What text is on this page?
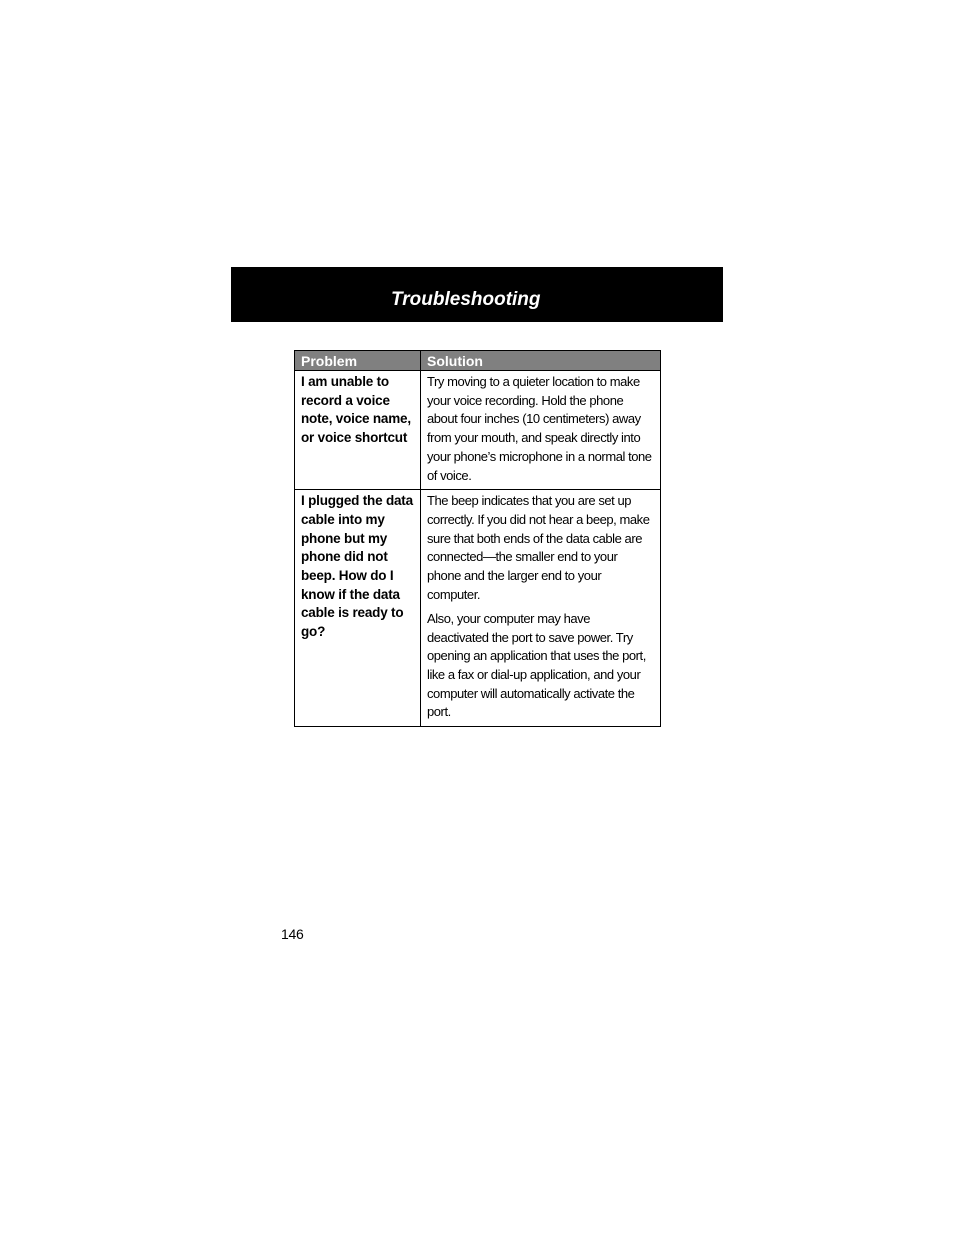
Troubleshooting
Problem	Solution
I am unable to record a voice note, voice name, or voice shortcut	Try moving to a quieter location to make your voice recording. Hold the phone about four inches (10 centimeters) away from your mouth, and speak directly into your phone’s microphone in a normal tone of voice.

I plugged the data cable into my phone but my phone did not beep. How do I know if the data cable is ready to go?	The beep indicates that you are set up correctly. If you did not hear a beep, make sure that both ends of the data cable are connected—the smaller end to your phone and the larger end to your computer.

Also, your computer may have deactivated the port to save power. Try opening an application that uses the port, like a fax or dial-up application, and your computer will automatically activate the port.

146
